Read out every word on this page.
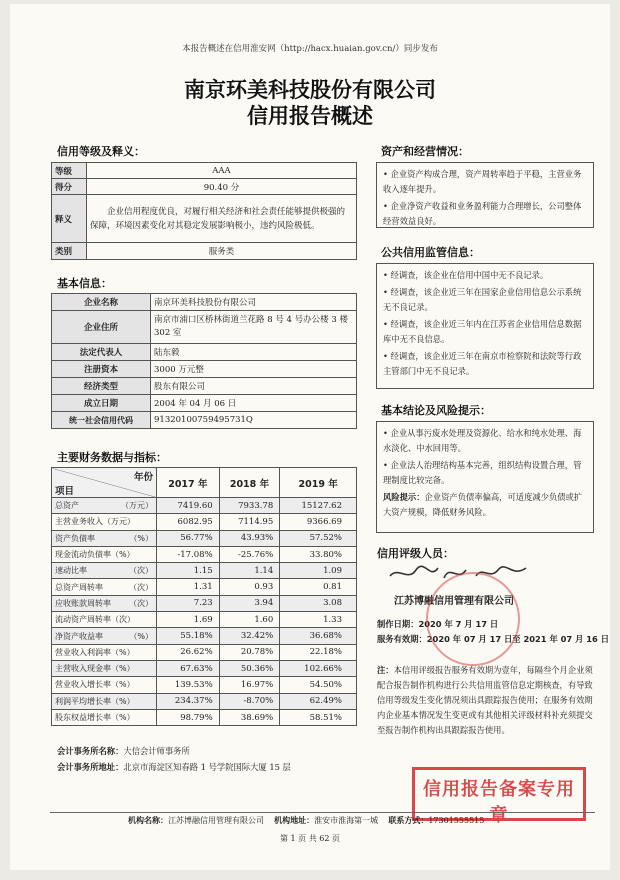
本报告概述在信用淮安网（http://hacx.huaian.gov.cn/）同步发布
南京环美科技股份有限公司
信用报告概述
信用等级及释义：
等级	AAA
得分	90.40 分
释义	企业信用程度优良，对履行相关经济和社会责任能够提供极强的保障，环境因素变化对其稳定发展影响极小，违约风险极低。
类别	服务类
基本信息：
企业名称	南京环美科技股份有限公司
企业住所	南京市浦口区桥林街道兰花路 8 号 4 号办公楼 3 楼 302 室
法定代表人	陆东毅
注册资本	3000 万元整
经济类型	股东有限公司
成立日期	2004 年 04 月 06 日
统一社会信用代码	91320100759495731Q
主要财务数据与指标：
年份
项目	2017 年	2018 年	2019 年
总资产 （万元）	7419.60	7933.78	15127.62
主营业务收入（万元）	6082.95	7114.95	9366.69
资产负债率 （%）	56.77%	43.93%	57.52%
现金流动负债率（%）	-17.08%	-25.76%	33.80%
速动比率 （次）	1.15	1.14	1.09
总资产周转率 （次）	1.31	0.93	0.81
应收账款周转率 （次）	7.23	3.94	3.08
流动资产周转率（次）	1.69	1.60	1.33
净资产收益率 （%）	55.18%	32.42%	36.68%
营业收入利润率（%）	26.62%	20.78%	22.18%
主营收入现金率（%）	67.63%	50.36%	102.66%
营业收入增长率（%）	139.53%	16.97%	54.50%
利润平均增长率（%）	234.37%	-8.70%	62.49%
股东权益增长率（%）	98.79%	38.69%	58.51%
会计事务所名称：大信会计师事务所
会计事务所地址：北京市海淀区知春路 1 号学院国际大厦 15 层
资产和经营情况：

• 企业资产构成合理，资产周转率趋于平稳，主营业务收入逐年提升。

• 企业净资产收益和业务盈利能力合理增长，公司整体经营效益良好。

公共信用监管信息：

• 经调查，该企业在信用中国中无不良记录。

• 经调查，该企业近三年在国家企业信用信息公示系统无不良记录。

• 经调查，该企业近三年内在江苏省企业信用信息数据库中无不良信息。

• 经调查，该企业近三年在南京市检察院和法院等行政主管部门中无不良记录。

基本结论及风险提示：

• 企业从事污废水处理及资源化、给水和纯水处理、海水淡化、中水回用等。

• 企业法人治理结构基本完善，组织结构设置合理，管理制度比较完备。

风险提示：企业资产负债率偏高，可适度减少负债或扩大资产规模，降低财务风险。

信用评级人员：
江苏博融信用管理有限公司
制作日期：2020 年 7 月 17 日
服务有效期：2020 年 07 月 17 日至 2021 年 07 月 16 日
注：本信用评级报告服务有效期为壹年，每隔叁个月企业须配合报告制作机构进行公共信用监管信息定期核查，有导致信用等级发生变化情况须出具跟踪报告使用；在服务有效期内企业基本情况发生变更或有其他相关评级材料补充须提交至报告制作机构出具跟踪报告使用。
信用报告备案专用章
机构名称：江苏博融信用管理有限公司 机构地址：淮安市淮海第一城 联系方式：17301555515
第 1 页 共 62 页
